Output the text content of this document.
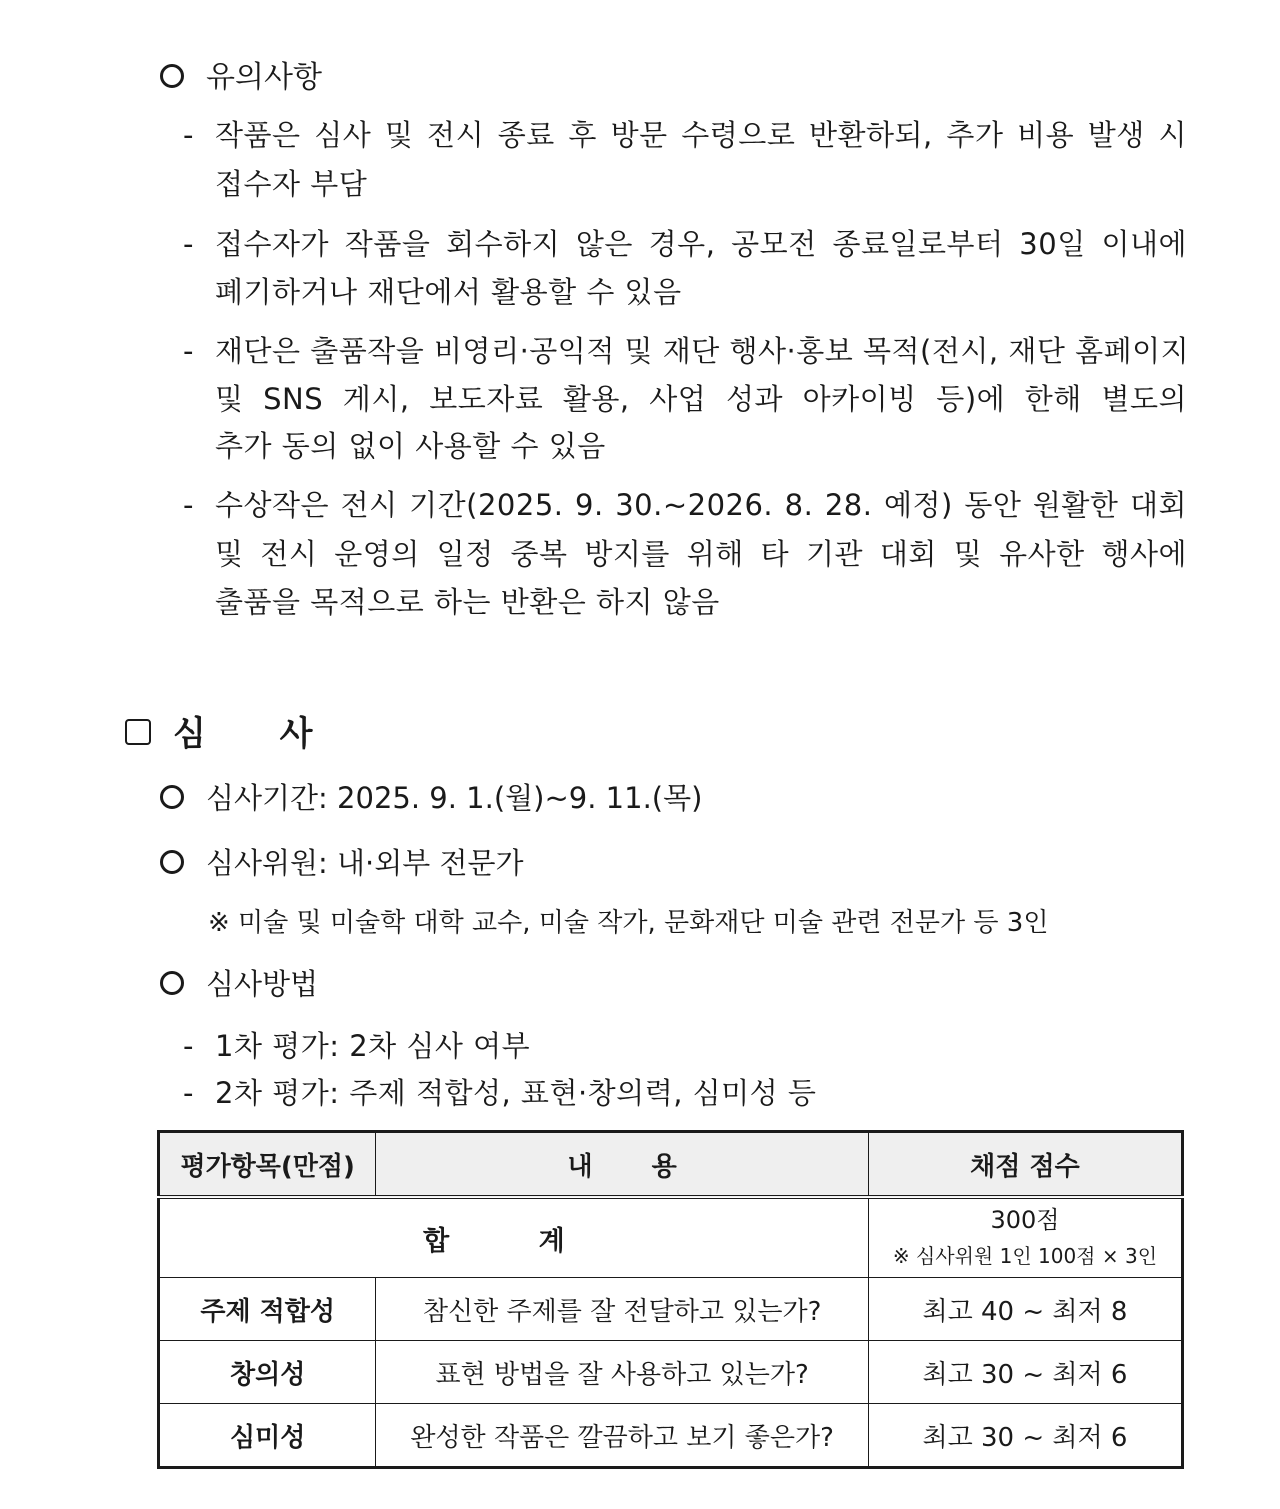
유의사항
- 작품은 심사 및 전시 종료 후 방문 수령으로 반환하되, 추가 비용 발생 시
접수자 부담
- 접수자가 작품을 회수하지 않은 경우, 공모전 종료일로부터 30일 이내에
폐기하거나 재단에서 활용할 수 있음
- 재단은 출품작을 비영리·공익적 및 재단 행사·홍보 목적(전시, 재단 홈페이지
및 SNS 게시, 보도자료 활용, 사업 성과 아카이빙 등)에 한해 별도의
추가 동의 없이 사용할 수 있음
- 수상작은 전시 기간(2025. 9. 30.~2026. 8. 28. 예정) 동안 원활한 대회
및 전시 운영의 일정 중복 방지를 위해 타 기관 대회 및 유사한 행사에
출품을 목적으로 하는 반환은 하지 않음
심 사
심사기간: 2025. 9. 1.(월)~9. 11.(목)
심사위원: 내·외부 전문가
※ 미술 및 미술학 대학 교수, 미술 작가, 문화재단 미술 관련 전문가 등 3인
심사방법
- 1차 평가: 2차 심사 여부
- 2차 평가: 주제 적합성, 표현·창의력, 심미성 등
평가항목(만점)	내 용	채점 점수
합 계		300점
※ 심사위원 1인 100점 × 3인

주제 적합성	참신한 주제를 잘 전달하고 있는가?	최고 40 ~ 최저 8
창의성	표현 방법을 잘 사용하고 있는가?	최고 30 ~ 최저 6
심미성	완성한 작품은 깔끔하고 보기 좋은가?	최고 30 ~ 최저 6
